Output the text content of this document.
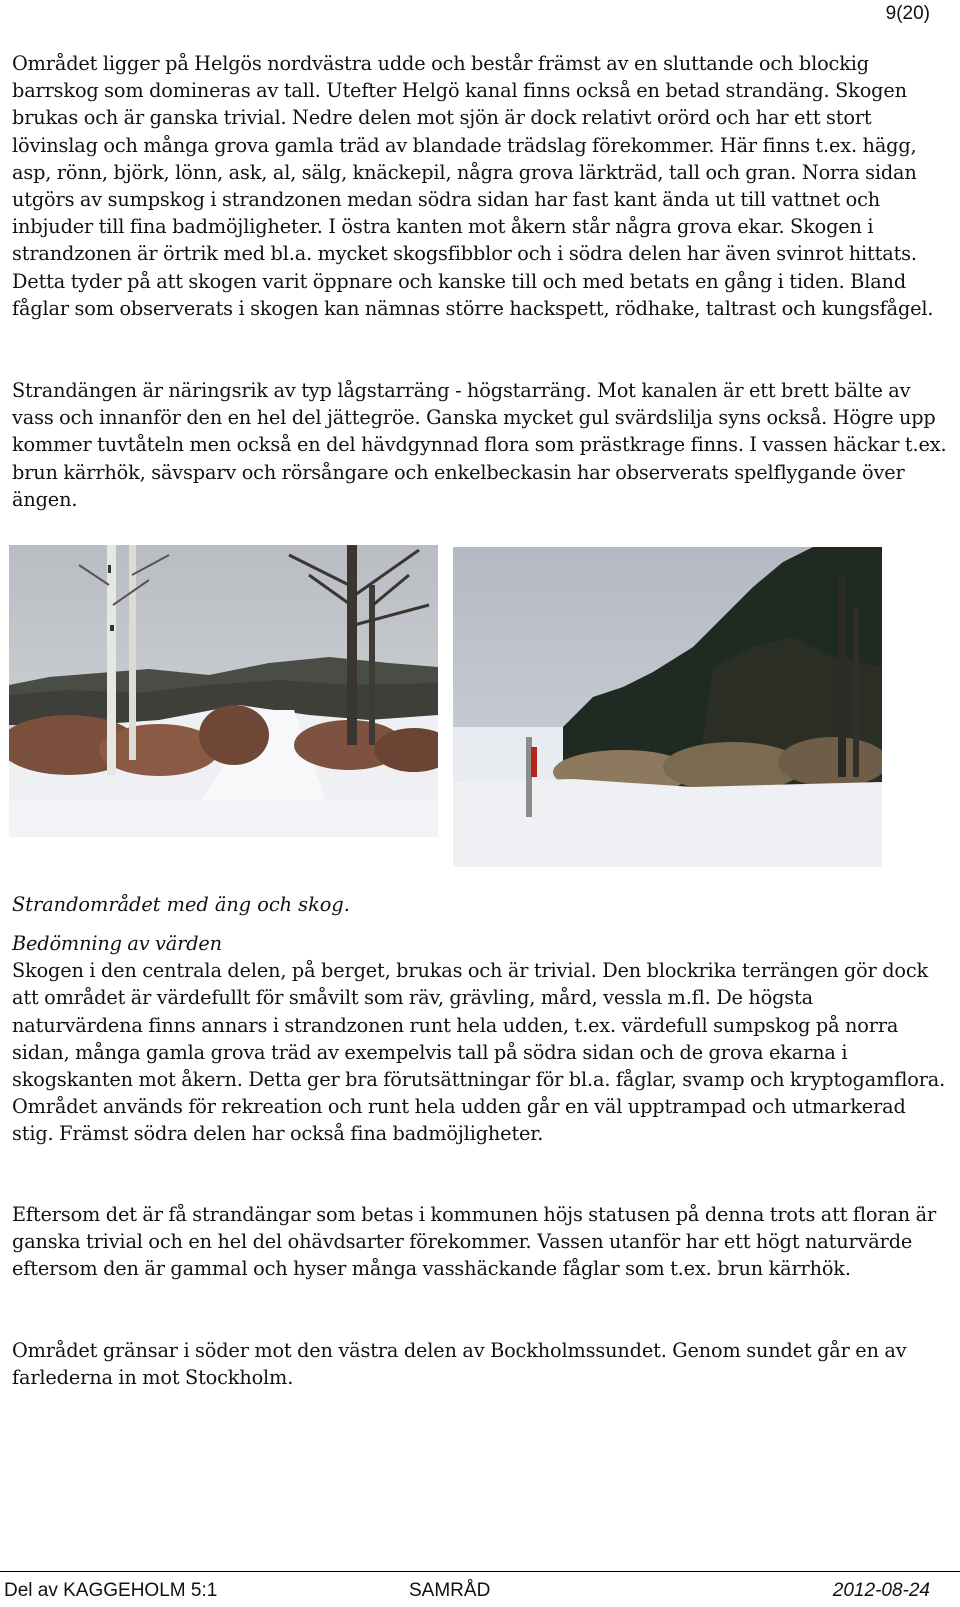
9(20)

Området ligger på Helgös nordvästra udde och består främst av en sluttande och blockig barrskog som domineras av tall. Utefter Helgö kanal finns också en betad strandäng. Skogen brukas och är ganska trivial. Nedre delen mot sjön är dock relativt orörd och har ett stort lövinslag och många grova gamla träd av blandade trädslag förekommer. Här finns t.ex. hägg, asp, rönn, björk, lönn, ask, al, sälg, knäckepil, några grova lärkträd, tall och gran. Norra sidan utgörs av sumpskog i strandzonen medan södra sidan har fast kant ända ut till vattnet och inbjuder till fina badmöjligheter. I östra kanten mot åkern står några grova ekar. Skogen i strandzonen är örtrik med bl.a. mycket skogsfibblor och i södra delen har även svinrot hittats. Detta tyder på att skogen varit öppnare och kanske till och med betats en gång i tiden. Bland fåglar som observerats i skogen kan nämnas större hackspett, rödhake, taltrast och kungsfågel.

Strandängen är näringsrik av typ lågstarräng - högstarräng. Mot kanalen är ett brett bälte av vass och innanför den en hel del jättegröe. Ganska mycket gul svärdslilja syns också. Högre upp kommer tuvtåteln men också en del hävdgynnad flora som prästkrage finns. I vassen häckar t.ex. brun kärrhök, sävsparv och rörsångare och enkelbeckasin har observerats spelflygande över ängen.

Strandområdet med äng och skog.
Bedömning av värden
Skogen i den centrala delen, på berget, brukas och är trivial. Den blockrika terrängen gör dock att området är värdefullt för småvilt som räv, grävling, mård, vessla m.fl. De högsta naturvärdena finns annars i strandzonen runt hela udden, t.ex. värdefull sumpskog på norra sidan, många gamla grova träd av exempelvis tall på södra sidan och de grova ekarna i skogskanten mot åkern. Detta ger bra förutsättningar för bl.a. fåglar, svamp och kryptogamflora. Området används för rekreation och runt hela udden går en väl upptrampad och utmarkerad stig. Främst södra delen har också fina badmöjligheter.

Eftersom det är få strandängar som betas i kommunen höjs statusen på denna trots att floran är ganska trivial och en hel del ohävdsarter förekommer. Vassen utanför har ett högt naturvärde eftersom den är gammal och hyser många vasshäckande fåglar som t.ex. brun kärrhök.

Området gränsar i söder mot den västra delen av Bockholmssundet. Genom sundet går en av farlederna in mot Stockholm.

Del av KAGGEHOLM 5:1	SAMRÅD	2012-08-24
